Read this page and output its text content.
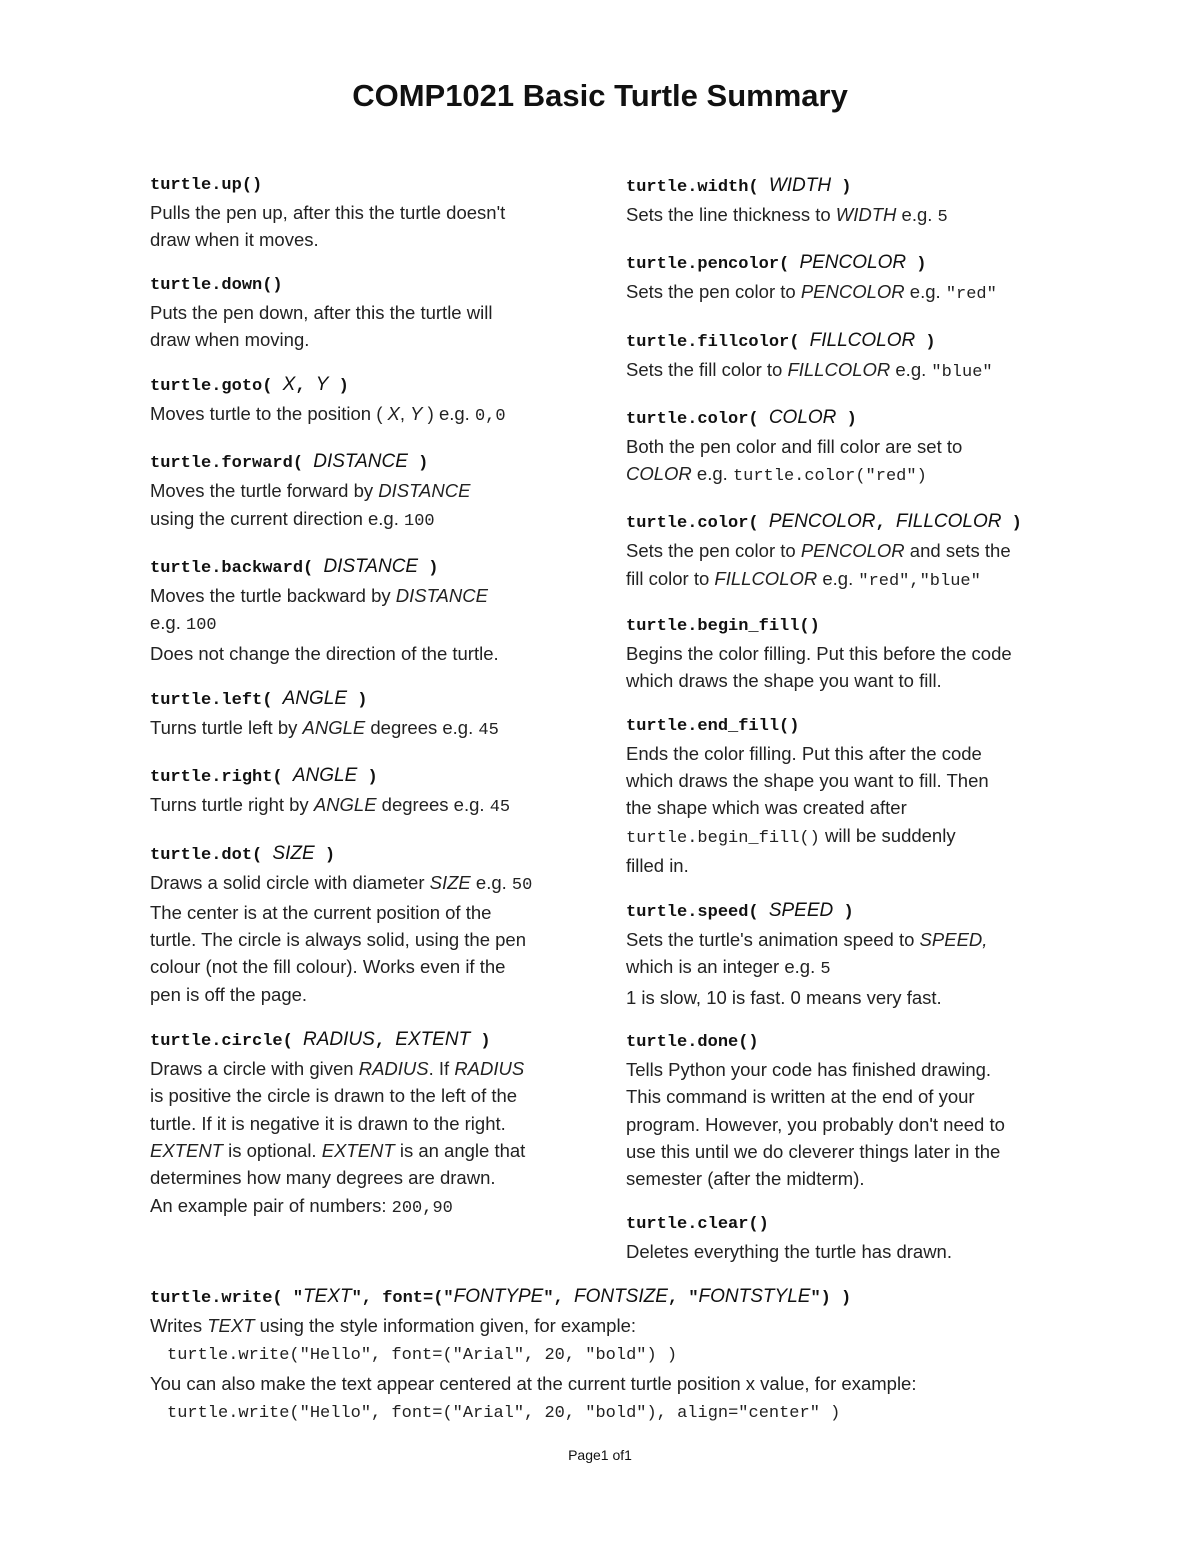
COMP1021 Basic Turtle Summary
turtle.up()
Pulls the pen up, after this the turtle doesn't
draw when it moves.
turtle.down()
Puts the pen down, after this the turtle will
draw when moving.
turtle.goto( X, Y )
Moves turtle to the position ( X, Y ) e.g. 0,0
turtle.forward( DISTANCE )
Moves the turtle forward by DISTANCE
using the current direction e.g. 100
turtle.backward( DISTANCE )
Moves the turtle backward by DISTANCE
e.g. 100
Does not change the direction of the turtle.
turtle.left( ANGLE )
Turns turtle left by ANGLE degrees e.g. 45
turtle.right( ANGLE )
Turns turtle right by ANGLE degrees e.g. 45
turtle.dot( SIZE )
Draws a solid circle with diameter SIZE e.g. 50
The center is at the current position of the
turtle. The circle is always solid, using the pen
colour (not the fill colour). Works even if the
pen is off the page.
turtle.circle( RADIUS, EXTENT )
Draws a circle with given RADIUS. If RADIUS
is positive the circle is drawn to the left of the
turtle. If it is negative it is drawn to the right.
EXTENT is optional. EXTENT is an angle that
determines how many degrees are drawn.
An example pair of numbers: 200,90
turtle.width( WIDTH )
Sets the line thickness to WIDTH e.g. 5
turtle.pencolor( PENCOLOR )
Sets the pen color to PENCOLOR e.g. "red"
turtle.fillcolor( FILLCOLOR )
Sets the fill color to FILLCOLOR e.g. "blue"
turtle.color( COLOR )
Both the pen color and fill color are set to
COLOR e.g. turtle.color("red")
turtle.color( PENCOLOR, FILLCOLOR )
Sets the pen color to PENCOLOR and sets the
fill color to FILLCOLOR e.g. "red","blue"
turtle.begin_fill()
Begins the color filling. Put this before the code
which draws the shape you want to fill.
turtle.end_fill()
Ends the color filling. Put this after the code
which draws the shape you want to fill. Then
the shape which was created after
turtle.begin_fill() will be suddenly
filled in.
turtle.speed( SPEED )
Sets the turtle's animation speed to SPEED,
which is an integer e.g. 5
1 is slow, 10 is fast. 0 means very fast.
turtle.done()
Tells Python your code has finished drawing.
This command is written at the end of your
program. However, you probably don't need to
use this until we do cleverer things later in the
semester (after the midterm).
turtle.clear()
Deletes everything the turtle has drawn.
turtle.write( "TEXT", font=("FONTYPE", FONTSIZE, "FONTSTYLE") )
Writes TEXT using the style information given, for example:
turtle.write("Hello", font=("Arial", 20, "bold") )
You can also make the text appear centered at the current turtle position x value, for example:
turtle.write("Hello", font=("Arial", 20, "bold"), align="center" )
Page1 of1
